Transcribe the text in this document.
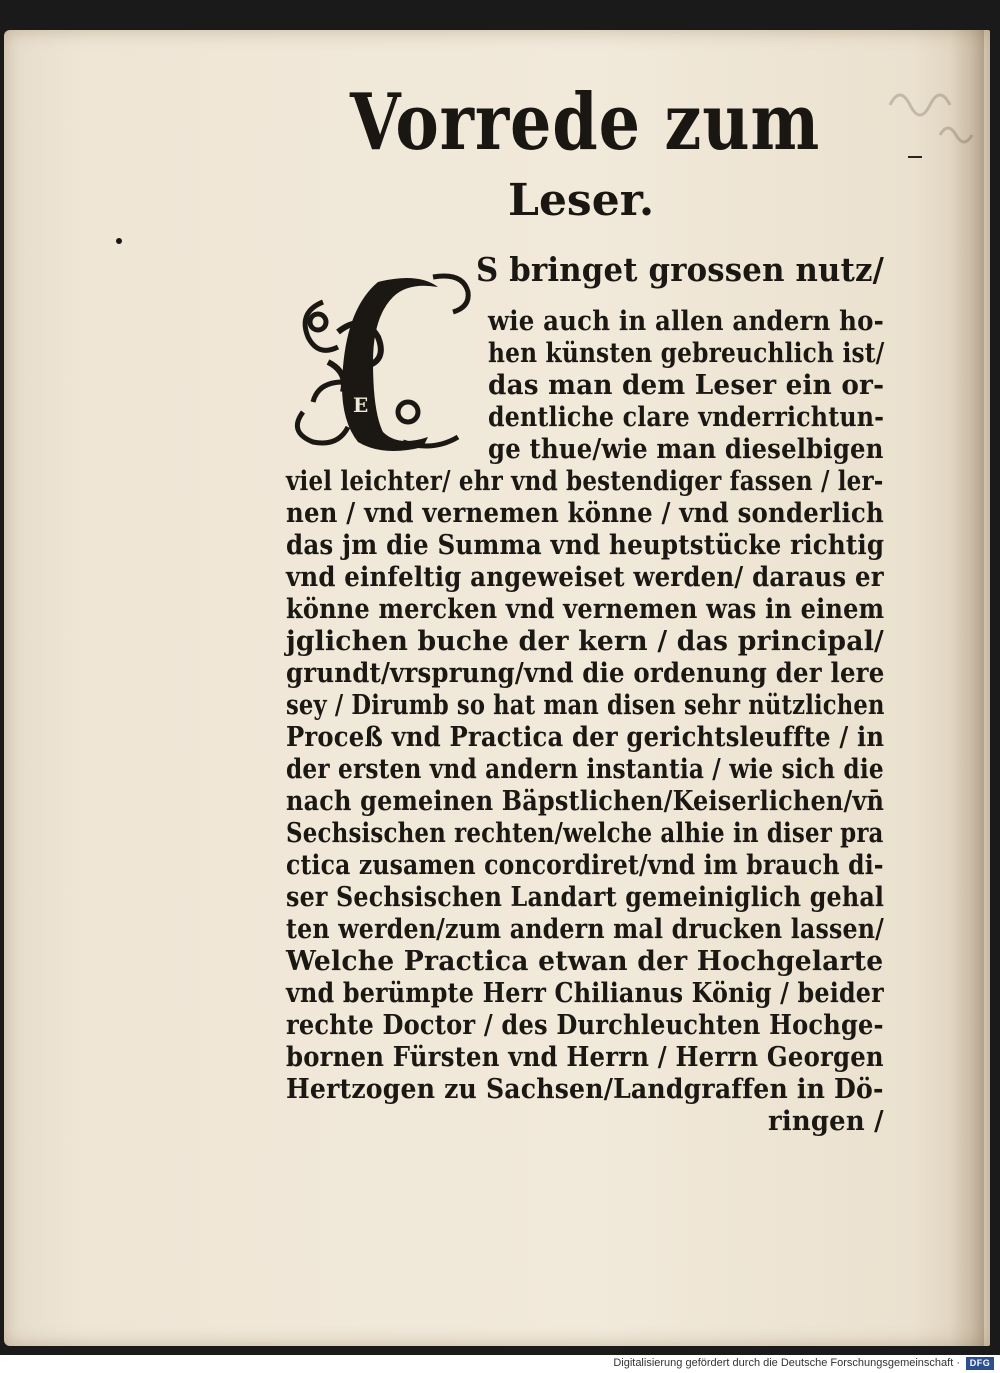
Vorrede zum
Leser.
E
S bringet grossen nutz/
wie auch in allen andern ho-
hen künsten gebreuchlich ist/
das man dem Leser ein or-
dentliche clare vnderrichtun-
ge thue/wie man dieselbigen
viel leichter/ ehr vnd bestendiger fassen / ler-
nen / vnd vernemen könne / vnd sonderlich
das jm die Summa vnd heuptstücke richtig
vnd einfeltig angeweiset werden/ daraus er
könne mercken vnd vernemen was in einem
jglichen buche der kern / das principal/
grundt/vrsprung/vnd die ordenung der lere
sey / Dirumb so hat man disen sehr nützlichen
Proceß vnd Practica der gerichtsleuffte / in
der ersten vnd andern instantia / wie sich die
nach gemeinen Bäpstlichen/Keiserlichen/vn̄
Sechsischen rechten/welche alhie in diser pra
ctica zusamen concordiret/vnd im brauch di-
ser Sechsischen Landart gemeiniglich gehal
ten werden/zum andern mal drucken lassen/
Welche Practica etwan der Hochgelarte
vnd berümpte Herr Chilianus König / beider
rechte Doctor / des Durchleuchten Hochge-
bornen Fürsten vnd Herrn / Herrn Georgen
Hertzogen zu Sachsen/Landgraffen in Dö-
ringen /
Digitalisierung gefördert durch die Deutsche Forschungsgemeinschaft ·	DFG
